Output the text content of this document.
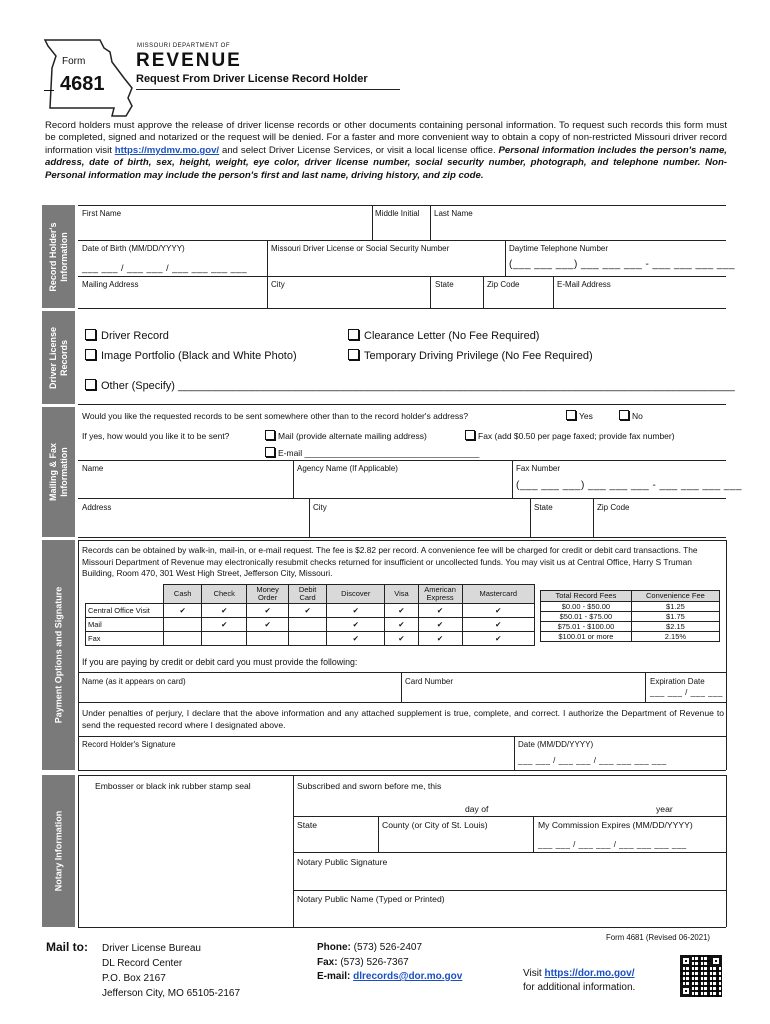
Form
4681
MISSOURI DEPARTMENT OF
REVENUE
Request From Driver License Record Holder
Record holders must approve the release of driver license records or other documents containing personal information. To request such records this form must be completed, signed and notarized or the request will be denied. For a faster and more convenient way to obtain a copy of non-restricted Missouri driver record information visit https://mydmv.mo.gov/ and select Driver License Services, or visit a local license office. Personal information includes the person's name, address, date of birth, sex, height, weight, eye color, driver license number, social security number, photograph, and telephone number. Non-Personal information may include the person's first and last name, driving history, and zip code.
Record Holder's Information
Driver License Records
Mailing & Fax Information
Payment Options and Signature
Notary Information
First Name	Middle Initial Last Name
Date of Birth (MM/DD/YYYY)
___ ___ / ___ ___ / ___ ___ ___ ___
Missouri Driver License or Social Security Number	Daytime Telephone Number
(___ ___ ___) ___ ___ ___ - ___ ___ ___ ___
Mailing Address	City	State	Zip Code	E-Mail Address
Driver Record	Clearance Letter (No Fee Required)
Image Portfolio (Black and White Photo)	Temporary Driving Privilege (No Fee Required)
Other (Specify) ___________________________________________________________________________________________
Would you like the requested records to be sent somewhere other than to the record holder's address?	Yes	No
If yes, how would you like it to be sent?	Mail (provide alternate mailing address)	Fax (add $0.50 per page faxed; provide fax number)
E-mail _____________________________________
Name	Agency Name (If Applicable)	Fax Number
(___ ___ ___) ___ ___ ___ - ___ ___ ___ ___
Address	City	State	Zip Code
Records can be obtained by walk-in, mail-in, or e-mail request. The fee is $2.82 per record. A convenience fee will be charged for credit or debit card transactions. The Missouri Department of Revenue may electronically resubmit checks returned for insufficient or uncollected funds. You may visit us at Central Office, Harry S Truman Building, Room 470, 301 West High Street, Jefferson City, Missouri.
	Cash	Check	Money Order	Debit Card	Discover	Visa	American Express	Mastercard
Central Office Visit	✔	✔	✔	✔	✔	✔	✔	✔
Mail		✔	✔		✔	✔	✔	✔
Fax					✔	✔	✔	✔
Total Record Fees	Convenience Fee
$0.00 - $50.00	$1.25
$50.01 - $75.00	$1.75
$75.01 - $100.00	$2.15
$100.01 or more	2.15%
If you are paying by credit or debit card you must provide the following:
Name (as it appears on card)	Card Number	Expiration Date
___ ___ / ___ ___
Under penalties of perjury, I declare that the above information and any attached supplement is true, complete, and correct. I authorize the Department of Revenue to send the requested record where I designated above.
Record Holder's Signature	Date (MM/DD/YYYY)
___ ___ / ___ ___ / ___ ___ ___ ___
Embosser or black ink rubber stamp seal	Subscribed and sworn before me, this
day of	year
State	County (or City of St. Louis)	My Commission Expires (MM/DD/YYYY)
___ ___ / ___ ___ / ___ ___ ___ ___
Notary Public Signature
Notary Public Name (Typed or Printed)
Form 4681 (Revised 06-2021)
Mail to: Driver License Bureau
DL Record Center
P.O. Box 2167
Jefferson City, MO 65105-2167
Phone: (573) 526-2407
Fax: (573) 526-7367
E-mail: dlrecords@dor.mo.gov	Visit https://dor.mo.gov/
for additional information.
